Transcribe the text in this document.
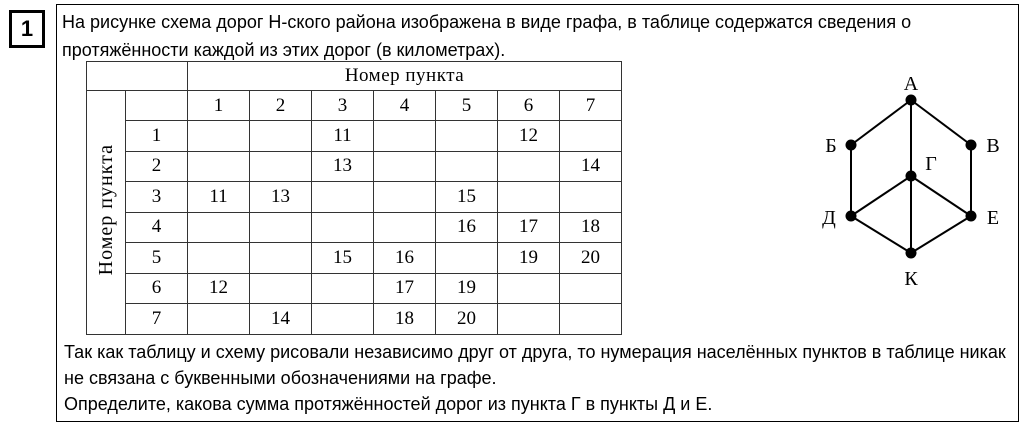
1	На рисунке схема дорог Н-ского района изображена в виде графа, в таблице содержатся сведения о протяжённости каждой из этих дорог (в километрах).
		Номер пункта						
Номер пункта		1	2	3	4	5	6	7
	1			11			12	
	2			13				14
	3	11	13			15		
	4					16	17	18
	5			15	16		19	20
	6	12			17	19		
	7		14		18	20		
А
Б	В
Г
Д	Е
К
Так как таблицу и схему рисовали независимо друг от друга, то нумерация населённых пунктов в таблице никак не связана с буквенными обозначениями на графе.
Определите, какова сумма протяжённостей дорог из пункта Г в пункты Д и Е.
